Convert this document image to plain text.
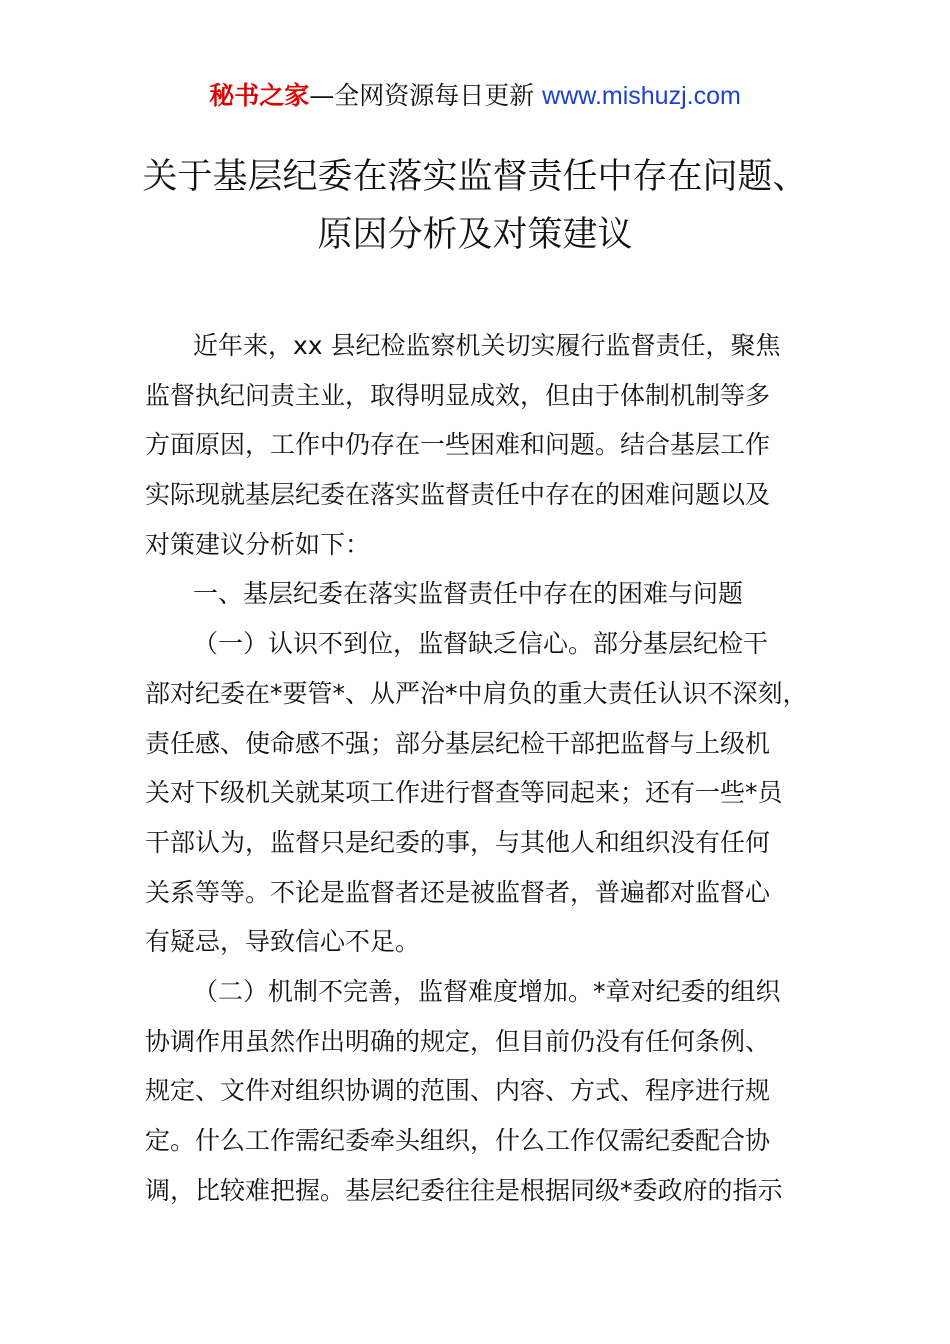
秘书之家—全网资源每日更新 www.mishuzj.com
关于基层纪委在落实监督责任中存在问题、
原因分析及对策建议
近年来，xx 县纪检监察机关切实履行监督责任，聚焦
监督执纪问责主业，取得明显成效，但由于体制机制等多
方面原因，工作中仍存在一些困难和问题。结合基层工作
实际现就基层纪委在落实监督责任中存在的困难问题以及
对策建议分析如下：
一、基层纪委在落实监督责任中存在的困难与问题
（一）认识不到位，监督缺乏信心。部分基层纪检干
部对纪委在*要管*、从严治*中肩负的重大责任认识不深刻，
责任感、使命感不强；部分基层纪检干部把监督与上级机
关对下级机关就某项工作进行督查等同起来；还有一些*员
干部认为，监督只是纪委的事，与其他人和组织没有任何
关系等等。不论是监督者还是被监督者，普遍都对监督心
有疑忌，导致信心不足。
（二）机制不完善，监督难度增加。*章对纪委的组织
协调作用虽然作出明确的规定，但目前仍没有任何条例、
规定、文件对组织协调的范围、内容、方式、程序进行规
定。什么工作需纪委牵头组织，什么工作仅需纪委配合协
调，比较难把握。基层纪委往往是根据同级*委政府的指示
